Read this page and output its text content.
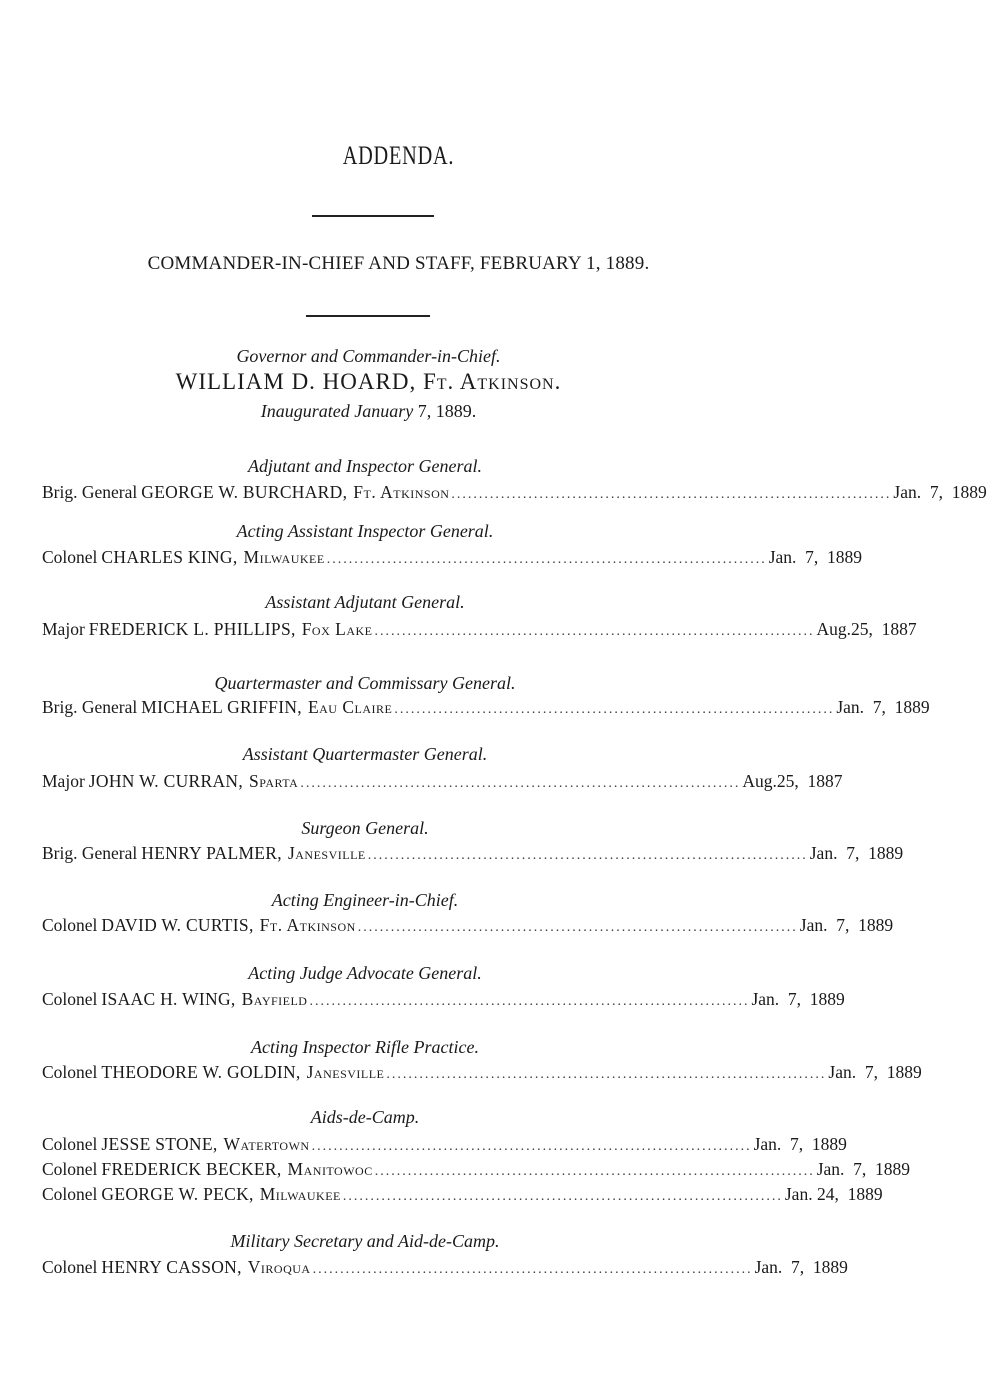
ADDENDA.
COMMANDER-IN-CHIEF AND STAFF, FEBRUARY 1, 1889.
Governor and Commander-in-Chief.
WILLIAM D. HOARD, Ft. Atkinson.
Inaugurated January 7, 1889.
Adjutant and Inspector General.
Brig. General GEORGE W. BURCHARD, Ft. Atkinson ................................................................................ Jan.  7,  1889
Acting Assistant Inspector General.
Colonel CHARLES KING, Milwaukee ................................................................................ Jan.  7,  1889
Assistant Adjutant General.
Major FREDERICK L. PHILLIPS, Fox Lake ................................................................................ Aug.25,  1887
Quartermaster and Commissary General.
Brig. General MICHAEL GRIFFIN, Eau Claire ................................................................................ Jan.  7,  1889
Assistant Quartermaster General.
Major JOHN W. CURRAN, Sparta ................................................................................ Aug.25,  1887
Surgeon General.
Brig. General HENRY PALMER, Janesville ................................................................................ Jan.  7,  1889
Acting Engineer-in-Chief.
Colonel DAVID W. CURTIS, Ft. Atkinson ................................................................................ Jan.  7,  1889
Acting Judge Advocate General.
Colonel ISAAC H. WING, Bayfield ................................................................................ Jan.  7,  1889
Acting Inspector Rifle Practice.
Colonel THEODORE W. GOLDIN, Janesville ................................................................................ Jan.  7,  1889
Aids-de-Camp.
Colonel JESSE STONE, Watertown ................................................................................ Jan.  7,  1889
Colonel FREDERICK BECKER, Manitowoc ................................................................................ Jan.  7,  1889
Colonel GEORGE W. PECK, Milwaukee ................................................................................ Jan. 24,  1889
Military Secretary and Aid-de-Camp.
Colonel HENRY CASSON, Viroqua ................................................................................ Jan.  7,  1889
